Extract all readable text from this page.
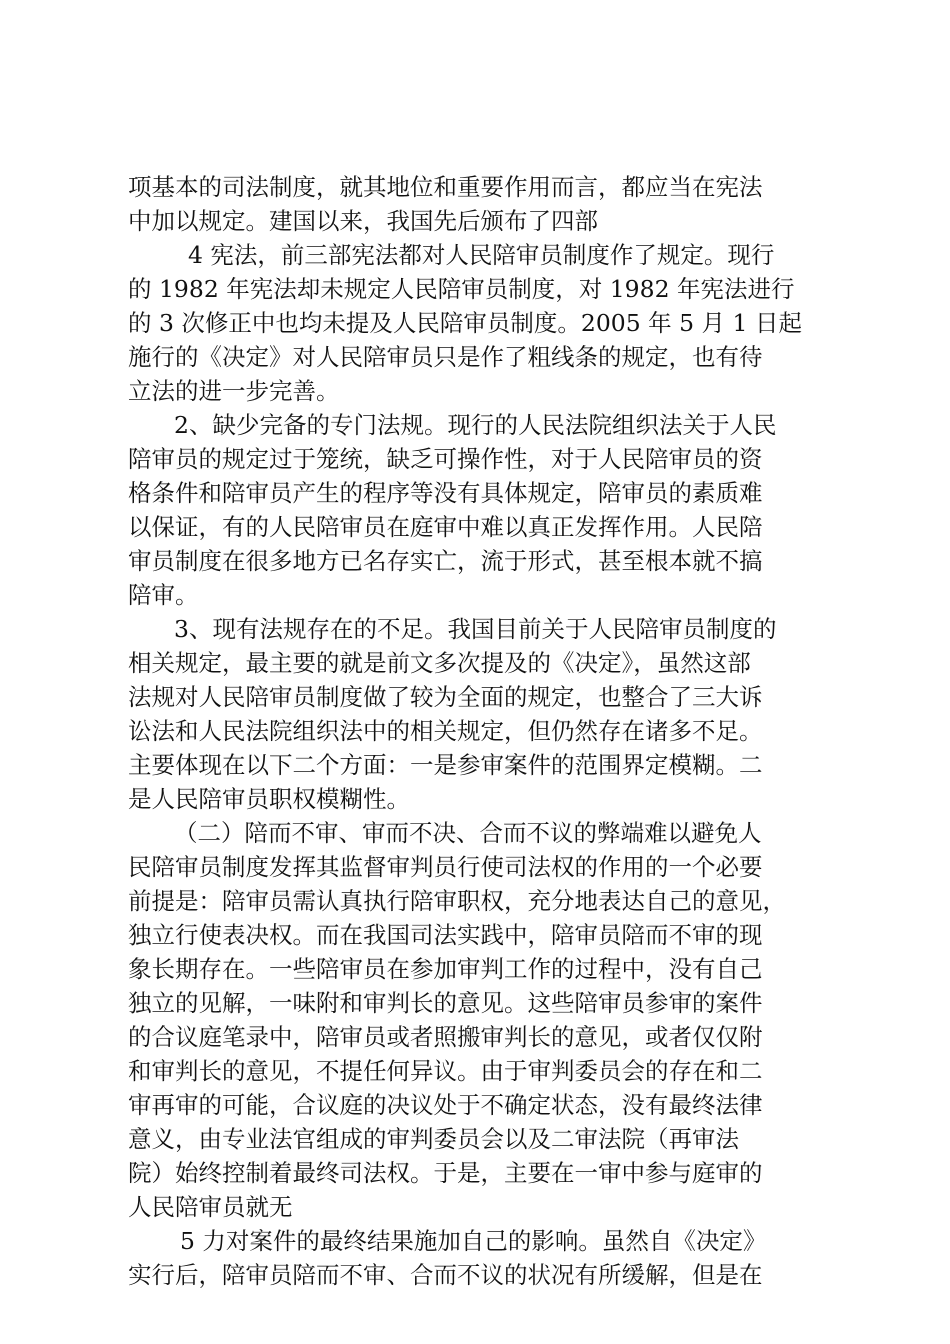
项基本的司法制度，就其地位和重要作用而言，都应当在宪法
中加以规定。建国以来，我国先后颁布了四部
4 宪法，前三部宪法都对人民陪审员制度作了规定。现行
的 1982 年宪法却未规定人民陪审员制度，对 1982 年宪法进行
的 3 次修正中也均未提及人民陪审员制度。2005 年 5 月 1 日起
施行的《决定》对人民陪审员只是作了粗线条的规定，也有待
立法的进一步完善。
2、缺少完备的专门法规。现行的人民法院组织法关于人民
陪审员的规定过于笼统，缺乏可操作性，对于人民陪审员的资
格条件和陪审员产生的程序等没有具体规定，陪审员的素质难
以保证，有的人民陪审员在庭审中难以真正发挥作用。人民陪
审员制度在很多地方已名存实亡，流于形式，甚至根本就不搞
陪审。
3、现有法规存在的不足。我国目前关于人民陪审员制度的
相关规定，最主要的就是前文多次提及的《决定》，虽然这部
法规对人民陪审员制度做了较为全面的规定，也整合了三大诉
讼法和人民法院组织法中的相关规定，但仍然存在诸多不足。
主要体现在以下二个方面：一是参审案件的范围界定模糊。二
是人民陪审员职权模糊性。
（二）陪而不审、审而不决、合而不议的弊端难以避免人
民陪审员制度发挥其监督审判员行使司法权的作用的一个必要
前提是：陪审员需认真执行陪审职权，充分地表达自己的意见，
独立行使表决权。而在我国司法实践中，陪审员陪而不审的现
象长期存在。一些陪审员在参加审判工作的过程中，没有自己
独立的见解，一味附和审判长的意见。这些陪审员参审的案件
的合议庭笔录中，陪审员或者照搬审判长的意见，或者仅仅附
和审判长的意见，不提任何异议。由于审判委员会的存在和二
审再审的可能，合议庭的决议处于不确定状态，没有最终法律
意义，由专业法官组成的审判委员会以及二审法院（再审法
院）始终控制着最终司法权。于是，主要在一审中参与庭审的
人民陪审员就无
5 力对案件的最终结果施加自己的影响。虽然自《决定》
实行后，陪审员陪而不审、合而不议的状况有所缓解，但是在
